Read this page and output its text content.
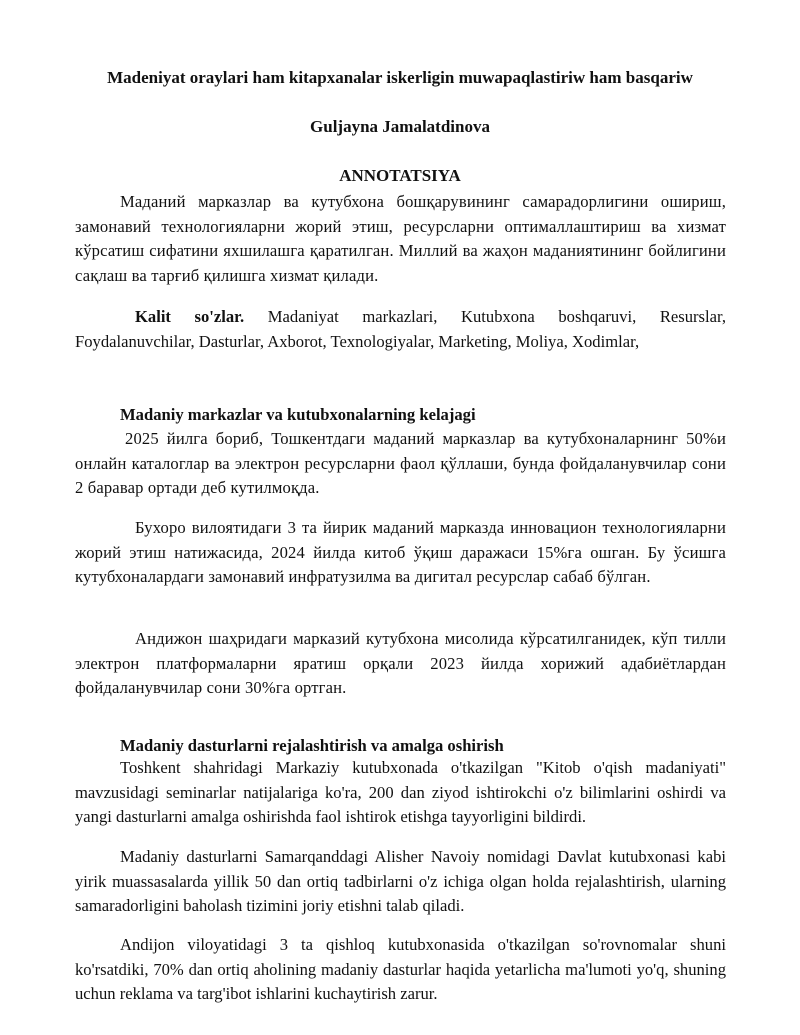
Madeniyat oraylari ham kitapxanalar iskerligin muwapaqlastiriw ham basqariw
Guljayna Jamalatdinova
ANNOTATSIYA

Маданий марказлар ва кутубхона бошқарувининг самарадорлигини ошириш, замонавий технологияларни жорий этиш, ресурсларни оптималлаштириш ва хизмат кўрсатиш сифатини яхшилашга қаратилган. Миллий ва жаҳон маданиятининг бойлигини сақлаш ва тарғиб қилишга хизмат қилади.

Kalit so'zlar. Madaniyat markazlari, Kutubxona boshqaruvi, Resurslar, Foydalanuvchilar, Dasturlar, Axborot, Texnologiyalar, Marketing, Moliya, Xodimlar,

Madaniy markazlar va kutubxonalarning kelajagi

2025 йилга бориб, Тошкентдаги маданий марказлар ва кутубхоналарнинг 50%и онлайн каталоглар ва электрон ресурсларни фаол қўллаши, бунда фойдаланувчилар сони 2 баравар ортади деб кутилмоқда.

Бухоро вилоятидаги 3 та йирик маданий марказда инновацион технологияларни жорий этиш натижасида, 2024 йилда китоб ўқиш даражаси 15%га ошган. Бу ўсишга кутубхоналардаги замонавий инфратузилма ва дигитал ресурслар сабаб бўлган.

Андижон шаҳридаги марказий кутубхона мисолида кўрсатилганидек, кўп тилли электрон платформаларни яратиш орқали 2023 йилда хорижий адабиётлардан фойдаланувчилар сони 30%га ортган.

Madaniy dasturlarni rejalashtirish va amalga oshirish

Toshkent shahridagi Markaziy kutubxonada o'tkazilgan "Kitob o'qish madaniyati" mavzusidagi seminarlar natijalariga ko'ra, 200 dan ziyod ishtirokchi o'z bilimlarini oshirdi va yangi dasturlarni amalga oshirishda faol ishtirok etishga tayyorligini bildirdi.

Madaniy dasturlarni Samarqanddagi Alisher Navoiy nomidagi Davlat kutubxonasi kabi yirik muassasalarda yillik 50 dan ortiq tadbirlarni o'z ichiga olgan holda rejalashtirish, ularning samaradorligini baholash tizimini joriy etishni talab qiladi.

Andijon viloyatidagi 3 ta qishloq kutubxonasida o'tkazilgan so'rovnomalar shuni ko'rsatdiki, 70% dan ortiq aholining madaniy dasturlar haqida yetarlicha ma'lumoti yo'q, shuning uchun reklama va targ'ibot ishlarini kuchaytirish zarur.
